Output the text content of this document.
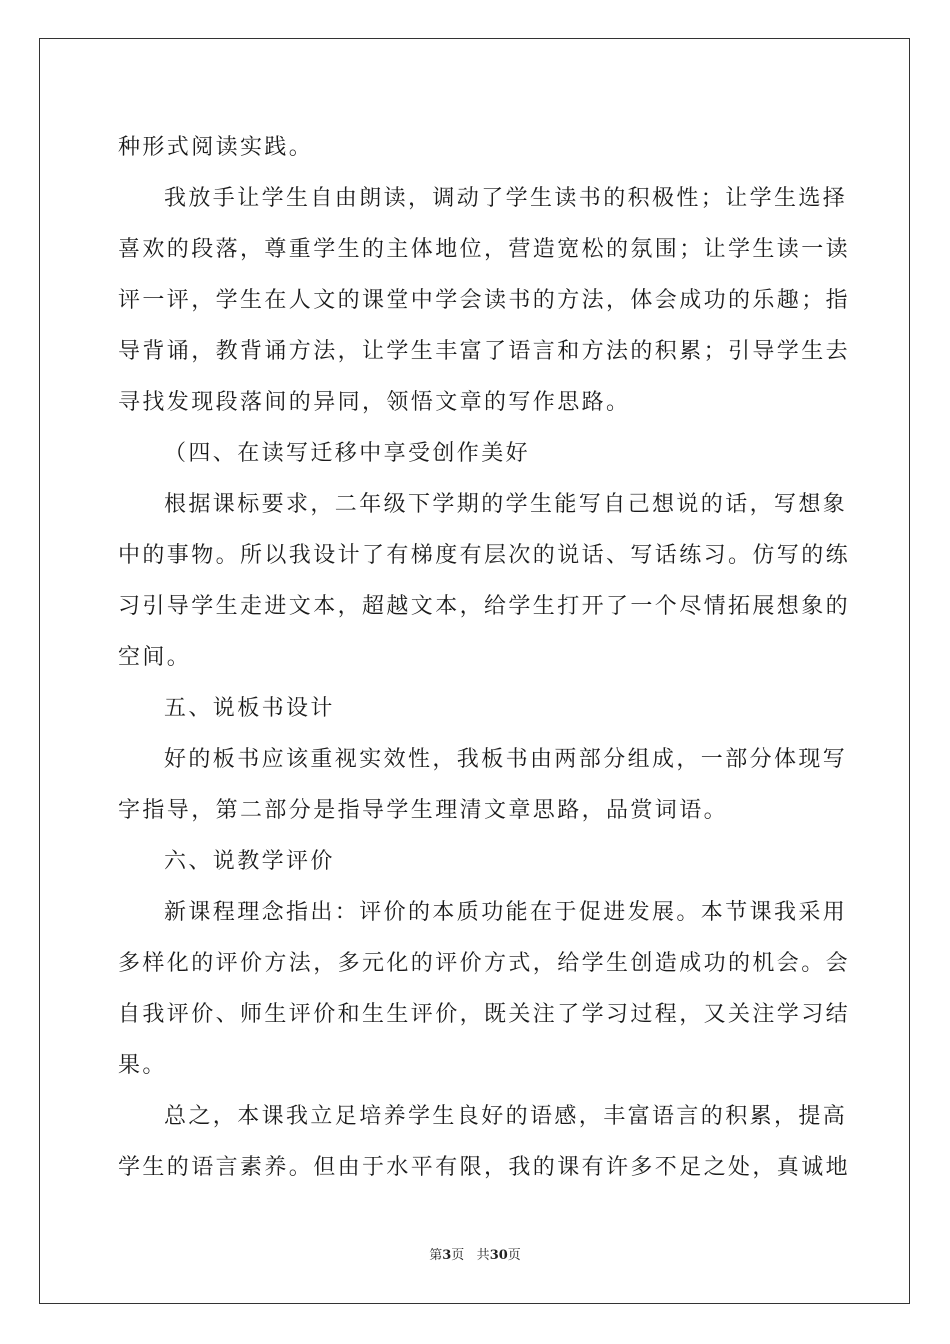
种形式阅读实践。
我放手让学生自由朗读，调动了学生读书的积极性；让学生选择
喜欢的段落，尊重学生的主体地位，营造宽松的氛围；让学生读一读
评一评，学生在人文的课堂中学会读书的方法，体会成功的乐趣；指
导背诵，教背诵方法，让学生丰富了语言和方法的积累；引导学生去
寻找发现段落间的异同，领悟文章的写作思路。
（四、在读写迁移中享受创作美好
根据课标要求，二年级下学期的学生能写自己想说的话，写想象
中的事物。所以我设计了有梯度有层次的说话、写话练习。仿写的练
习引导学生走进文本，超越文本，给学生打开了一个尽情拓展想象的
空间。
五、说板书设计
好的板书应该重视实效性，我板书由两部分组成，一部分体现写
字指导，第二部分是指导学生理清文章思路，品赏词语。
六、说教学评价
新课程理念指出：评价的本质功能在于促进发展。本节课我采用
多样化的评价方法，多元化的评价方式，给学生创造成功的机会。会
自我评价、师生评价和生生评价，既关注了学习过程，又关注学习结
果。
总之，本课我立足培养学生良好的语感，丰富语言的积累，提高
学生的语言素养。但由于水平有限，我的课有许多不足之处，真诚地
第3页 共30页
